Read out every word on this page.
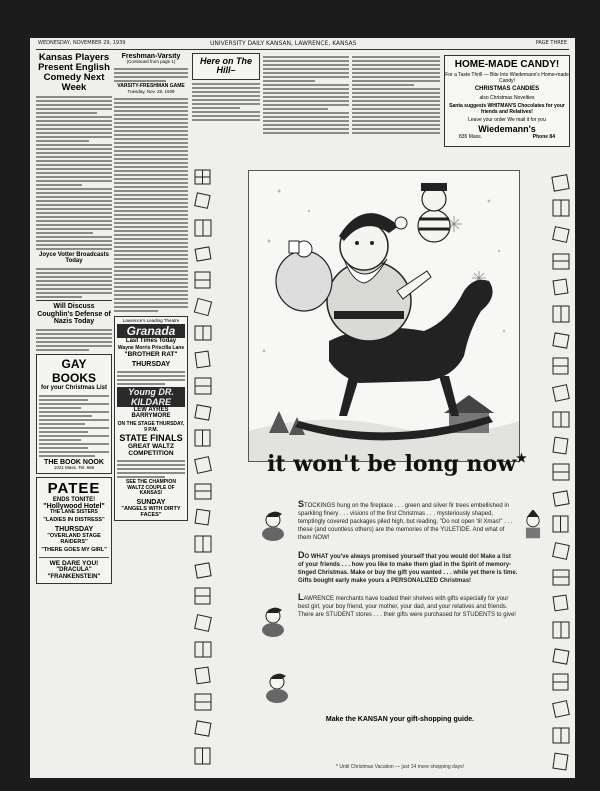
WEDNESDAY, NOVEMBER 29, 1939	UNIVERSITY DAILY KANSAN, LAWRENCE, KANSAS	PAGE THREE
Kansas Players Present English Comedy Next Week
Joyce Votter Broadcasts Today
Will Discuss Coughlin's Defense of Nazis Today
GAY BOOKS
for your Christmas List
THE BOOK NOOK
1021 Mass. Tel. 666
PATEE
ENDS TONITE!
"Hollywood Hotel"
THE LANE SISTERS
"LADIES IN DISTRESS"
THURSDAY
"OVERLAND STAGE RAIDERS"
"THERE GOES MY GIRL"
WE DARE YOU!
"DRACULA"
"FRANKENSTEIN"
Freshman-Varsity
(Continued from page 1)
VARSITY-FRESHMAN GAME
Tuesday, Nov. 28, 1939
Lawrence's Leading Theatre
Granada
Last Times Today
Wayne Morris Priscilla Lane
"BROTHER RAT"
THURSDAY
Young DR. KILDARE
LEW AYRES
BARRYMORE
ON THE STAGE THURSDAY, 9 P.M.
STATE FINALS
GREAT WALTZ COMPETITION
SEE THE CHAMPION WALTZ COUPLE OF KANSAS!
SUNDAY
"ANGELS WITH DIRTY FACES"
Here on The Hill–
HOME-MADE CANDY!
For a Taste Thrill — Bite Into Wiedemann's Home-made Candy!
CHRISTMAS CANDIES
also Christmas Novelties
Santa suggests WHITMAN'S Chocolates for your friends and Relatives!
Leave your order We mail it for you
Wiedemann's
835 Mass.	Phone 84
it won't be long now★

STOCKINGS hung on the fireplace . . . green and silver fir trees embellished in sparkling finery . . . visions of the first Christmas . . . mysteriously shaped, temptingly covered packages piled high, but reading, "Do not open 'til Xmas!" . . . these (and countless others) are the memories of the YULETIDE. And what of them NOW!

DO WHAT you've always promised yourself that you would do! Make a list of your friends . . . how you like to make them glad in the Spirit of memory-tinged Christmas. Make or buy the gift you wanted . . . while yet there is time. Gifts bought early make yours a PERSONALIZED Christmas!

LAWRENCE merchants have loaded their shelves with gifts especially for your best girl, your boy friend, your mother, your dad, and your relatives and friends. There are STUDENT stores . . . their gifts were purchased for STUDENTS to give!

Make the KANSAN your gift-shopping guide.
* Until Christmas Vacation — just 14 more shopping days!
